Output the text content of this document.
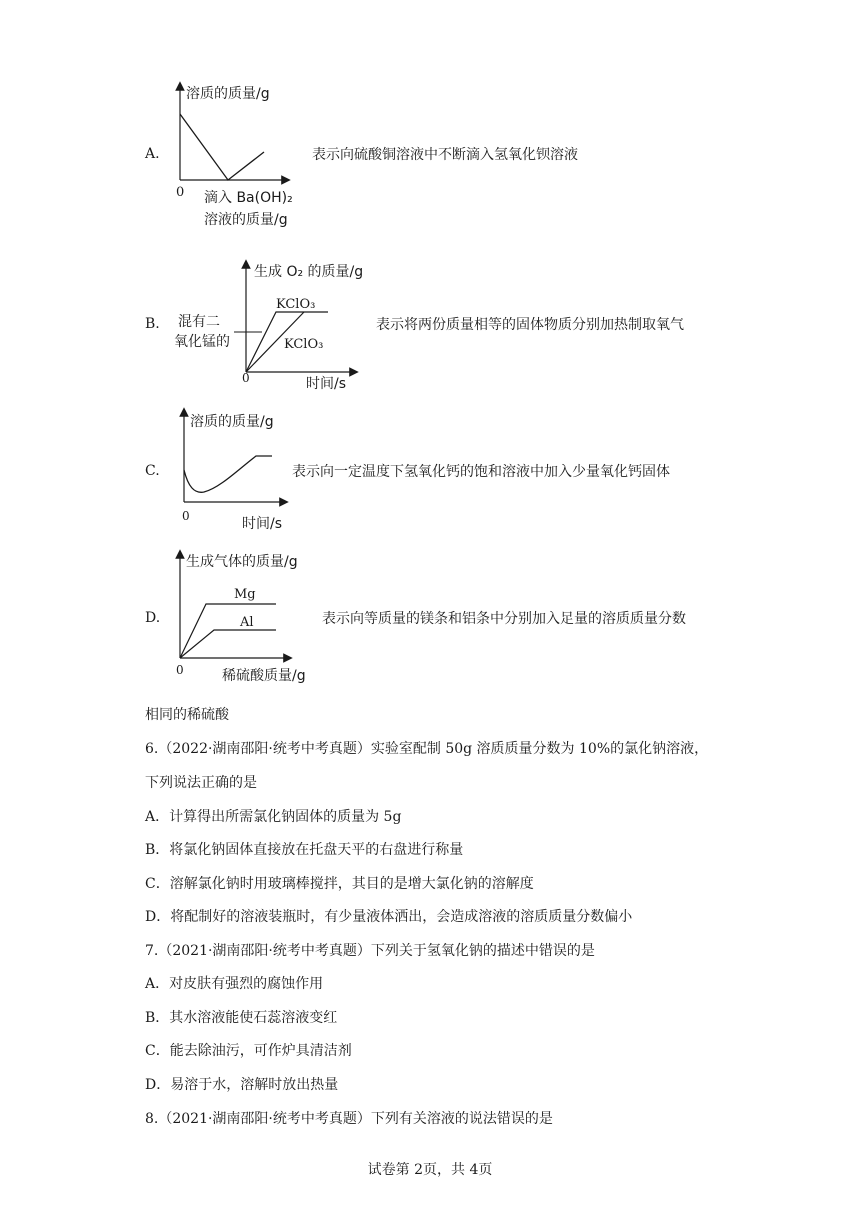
A.
溶质的质量/g
0 滴入 Ba(OH)₂
溶液的质量/g
表示向硫酸铜溶液中不断滴入氢氧化钡溶液
B.
生成 O₂ 的质量/g
混有二
氧化锰的
KClO₃
KClO₃
0	时间/s
表示将两份质量相等的固体物质分别加热制取氧气
C.
溶质的质量/g
0	时间/s
表示向一定温度下氢氧化钙的饱和溶液中加入少量氧化钙固体
D.
生成气体的质量/g
Mg
Al
0	稀硫酸质量/g
表示向等质量的镁条和铝条中分别加入足量的溶质质量分数
相同的稀硫酸
6.（2022·湖南邵阳·统考中考真题）实验室配制 50g 溶质质量分数为 10%的氯化钠溶液，
下列说法正确的是
A．计算得出所需氯化钠固体的质量为 5g
B．将氯化钠固体直接放在托盘天平的右盘进行称量
C．溶解氯化钠时用玻璃棒搅拌，其目的是增大氯化钠的溶解度
D．将配制好的溶液装瓶时，有少量液体洒出，会造成溶液的溶质质量分数偏小
7.（2021·湖南邵阳·统考中考真题）下列关于氢氧化钠的描述中错误的是
A．对皮肤有强烈的腐蚀作用
B．其水溶液能使石蕊溶液变红
C．能去除油污，可作炉具清洁剂
D．易溶于水，溶解时放出热量
8.（2021·湖南邵阳·统考中考真题）下列有关溶液的说法错误的是
试卷第 2页，共 4页
